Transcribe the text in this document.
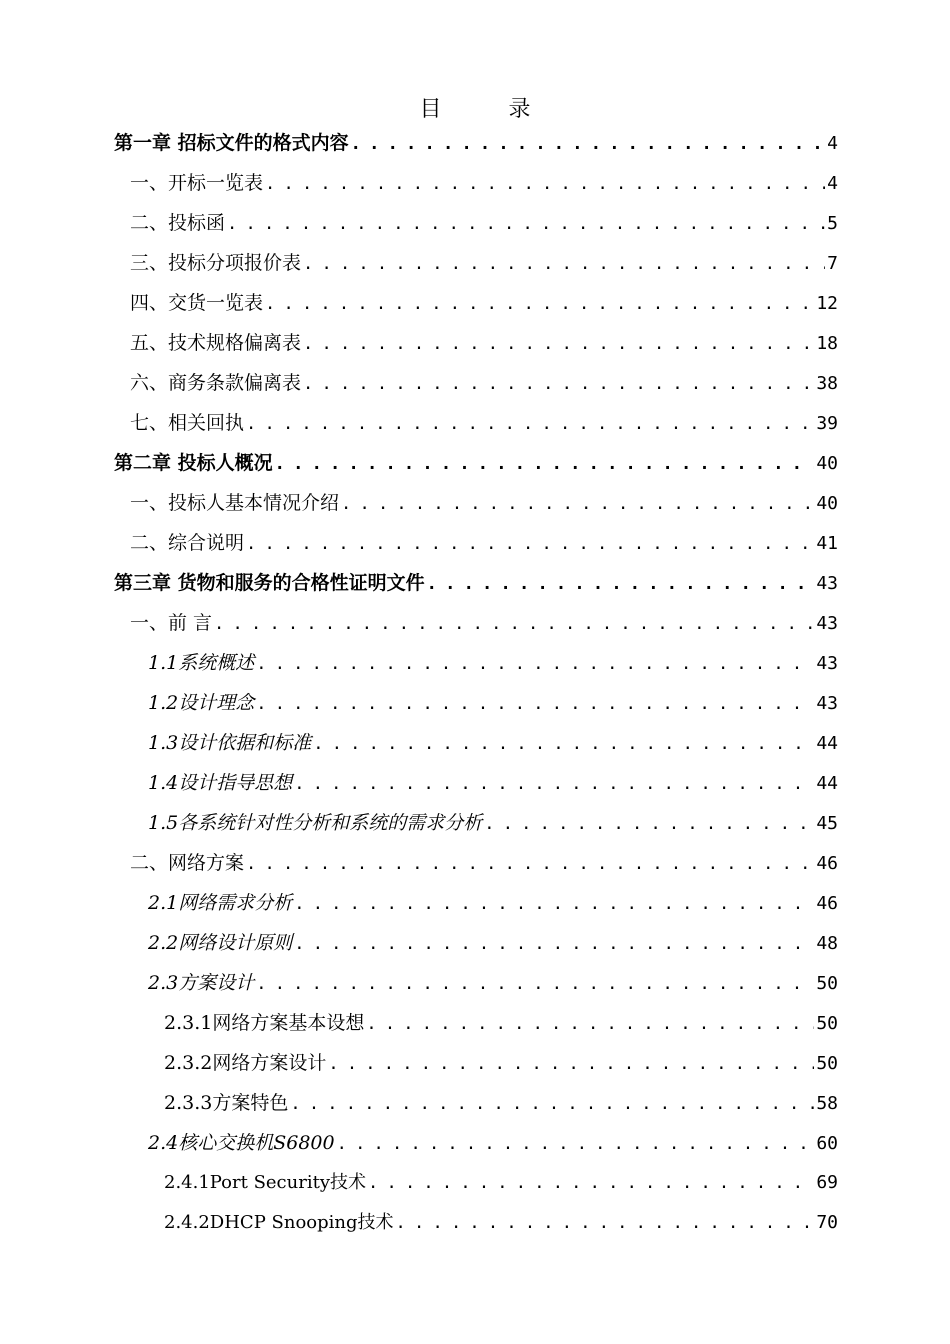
目 录
第一章 招标文件的格式内容 . . .	4
一、开标一览表 . . .	4
二、投标函 . . .	5
三、投标分项报价表 . . .	7
四、交货一览表 . . .	12
五、技术规格偏离表 . . .	18
六、商务条款偏离表 . . .	38
七、相关回执 . . .	39
第二章 投标人概况 . . .	40
一、投标人基本情况介绍 . . .	40
二、综合说明 . . .	41
第三章 货物和服务的合格性证明文件 . . .	43
一、前 言 . . .	43
1.1系统概述 . . .	43
1.2设计理念 . . .	43
1.3设计依据和标准 . . .	44
1.4设计指导思想 . . .	44
1.5各系统针对性分析和系统的需求分析 . . .	45
二、网络方案 . . .	46
2.1网络需求分析 . . .	46
2.2网络设计原则 . . .	48
2.3方案设计 . . .	50
2.3.1网络方案基本设想 . . .	50
2.3.2网络方案设计 . . .	50
2.3.3方案特色 . . .	58
2.4核心交换机S6800 . . .	60
2.4.1Port Security技术 . . .	69
2.4.2DHCP Snooping技术 . . .	70
